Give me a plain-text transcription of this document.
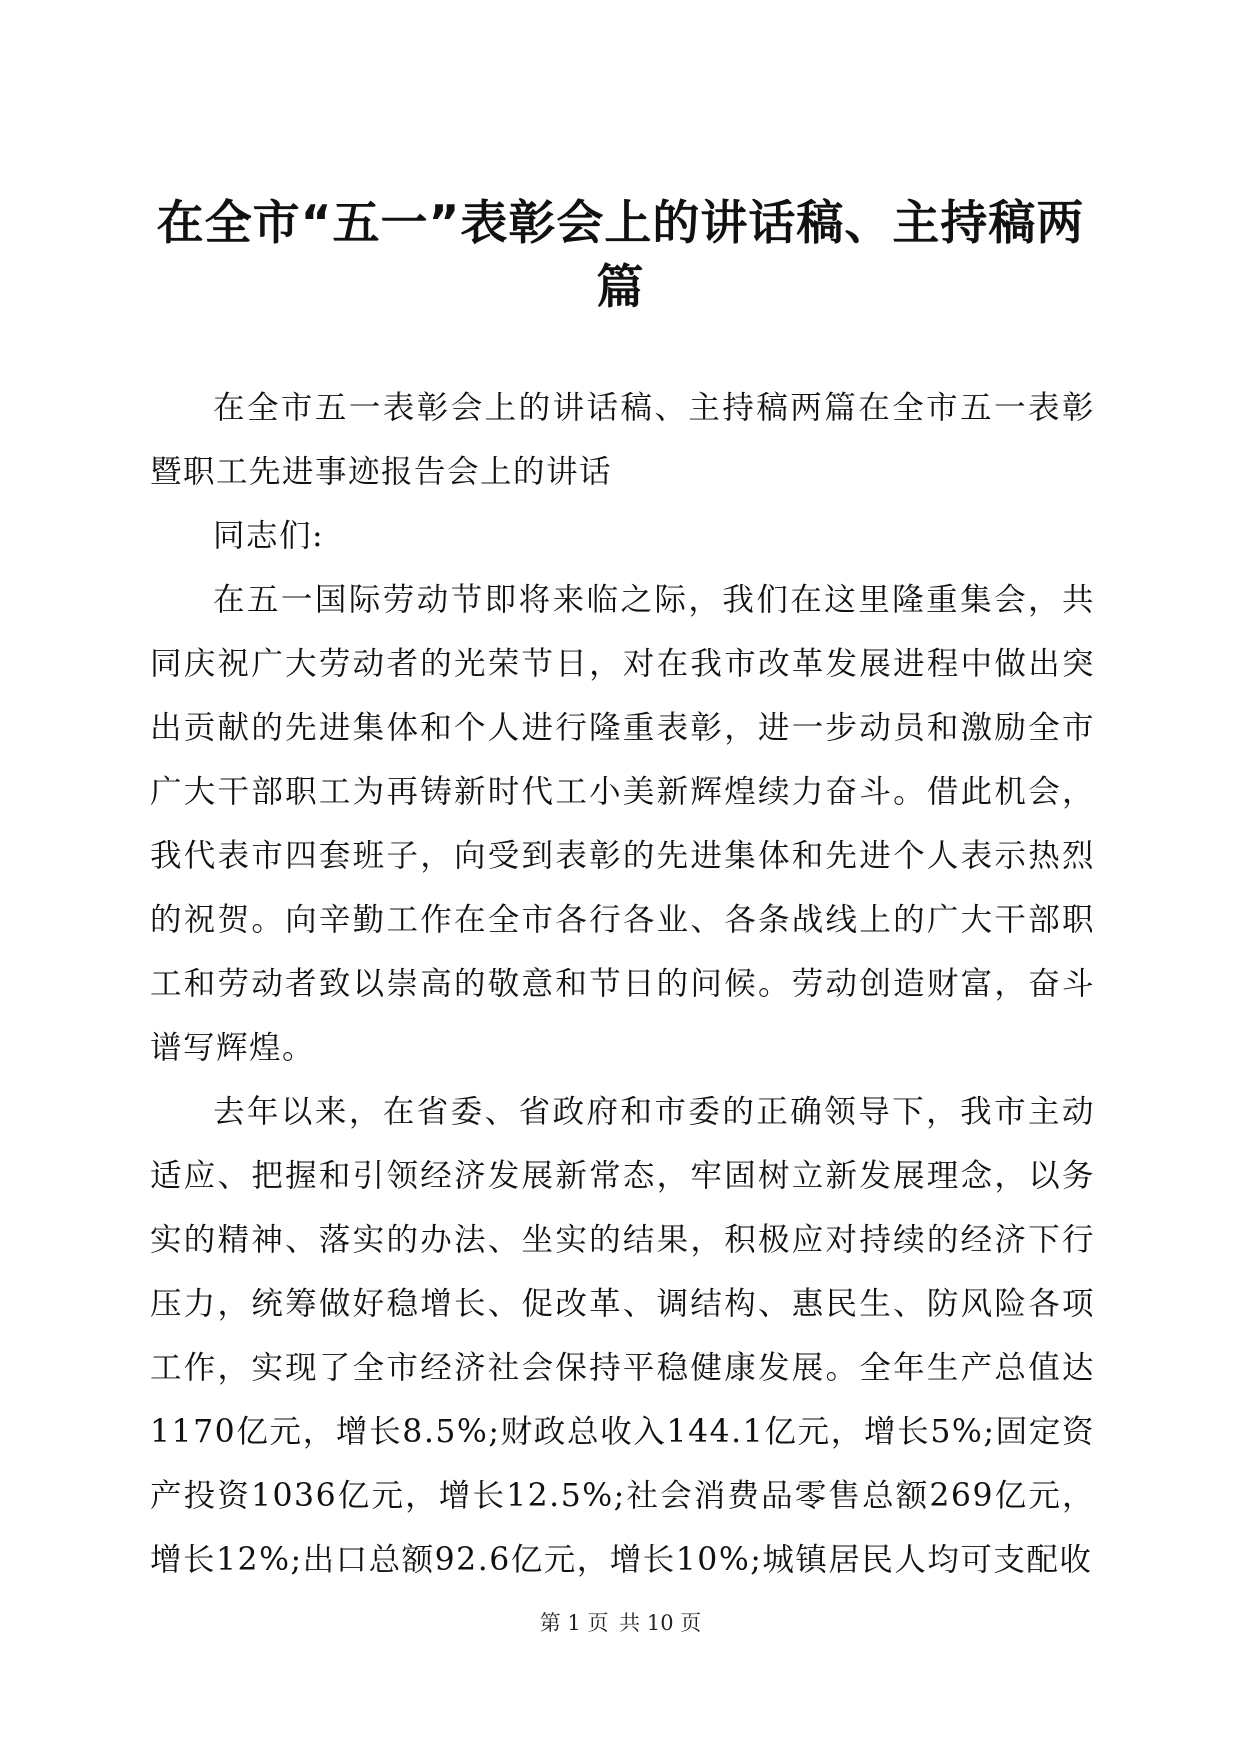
在全市“五一”表彰会上的讲话稿、主持稿两篇

在全市五一表彰会上的讲话稿、主持稿两篇在全市五一表彰暨职工先进事迹报告会上的讲话

同志们:

在五一国际劳动节即将来临之际，我们在这里隆重集会，共同庆祝广大劳动者的光荣节日，对在我市改革发展进程中做出突出贡献的先进集体和个人进行隆重表彰，进一步动员和激励全市广大干部职工为再铸新时代工小美新辉煌续力奋斗。借此机会，我代表市四套班子，向受到表彰的先进集体和先进个人表示热烈的祝贺。向辛勤工作在全市各行各业、各条战线上的广大干部职工和劳动者致以崇高的敬意和节日的问候。劳动创造财富，奋斗谱写辉煌。

去年以来，在省委、省政府和市委的正确领导下，我市主动适应、把握和引领经济发展新常态，牢固树立新发展理念，以务实的精神、落实的办法、坐实的结果，积极应对持续的经济下行压力，统筹做好稳增长、促改革、调结构、惠民生、防风险各项工作，实现了全市经济社会保持平稳健康发展。全年生产总值达1170亿元，增长8.5%;财政总收入144.1亿元，增长5%;固定资产投资1036亿元，增长12.5%;社会消费品零售总额269亿元，增长12%;出口总额92.6亿元，增长10%;城镇居民人均可支配收

第 1 页 共 10 页
